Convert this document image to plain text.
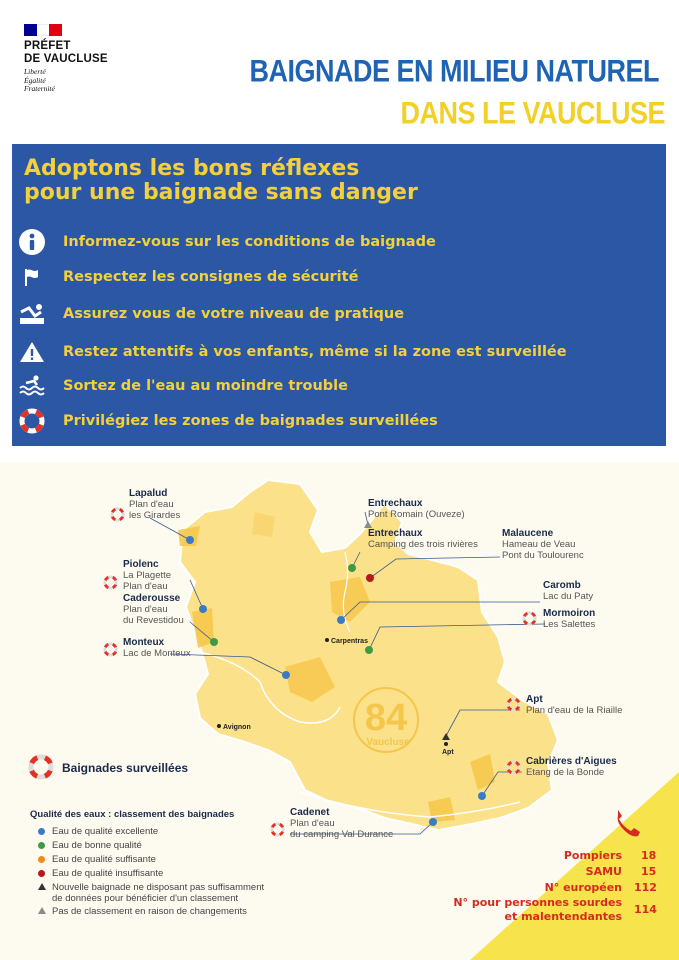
PRÉFET
DE VAUCLUSE
Liberté
Égalité
Fraternité	BAIGNADE EN MILIEU NATUREL
DANS LE VAUCLUSE
Adoptons les bons réflexes
pour une baignade sans danger
Informez-vous sur les conditions de baignade
Respectez les consignes de sécurité
Assurez vous de votre niveau de pratique
Restez attentifs à vos enfants, même si la zone est surveillée
Sortez de l'eau au moindre trouble
Privilégiez les zones de baignades surveillées
84
Vaucluse
Carpentras
Avignon
Apt
Lapalud
Plan d'eau
les Girardes
Entrechaux
Pont Romain (Ouveze)
Entrechaux
Camping des trois rivières
Malaucene
Hameau de Veau
Pont du Toulourenc
Piolenc
La Plagette
Plan d'eau
Caderousse
Plan d'eau
du Revestidou
Caromb
Lac du Paty
Mormoiron
Les Salettes
Monteux
Lac de Monteux
Apt
Plan d'eau de la Riaille
Cabrières d'Aigues
Etang de la Bonde
Cadenet
Plan d'eau
du camping Val Durance
Baignades surveillées
Qualité des eaux : classement des baignades
Eau de qualité excellente
Eau de bonne qualité
Eau de qualité suffisante
Eau de qualité insuffisante
Nouvelle baignade ne disposant pas suffisamment
de données pour bénéficier d'un classement
Pas de classement en raison de changements
Pompiers 18
SAMU 15
N° européen 112
N° pour personnes sourdes
et malentendantes
114
